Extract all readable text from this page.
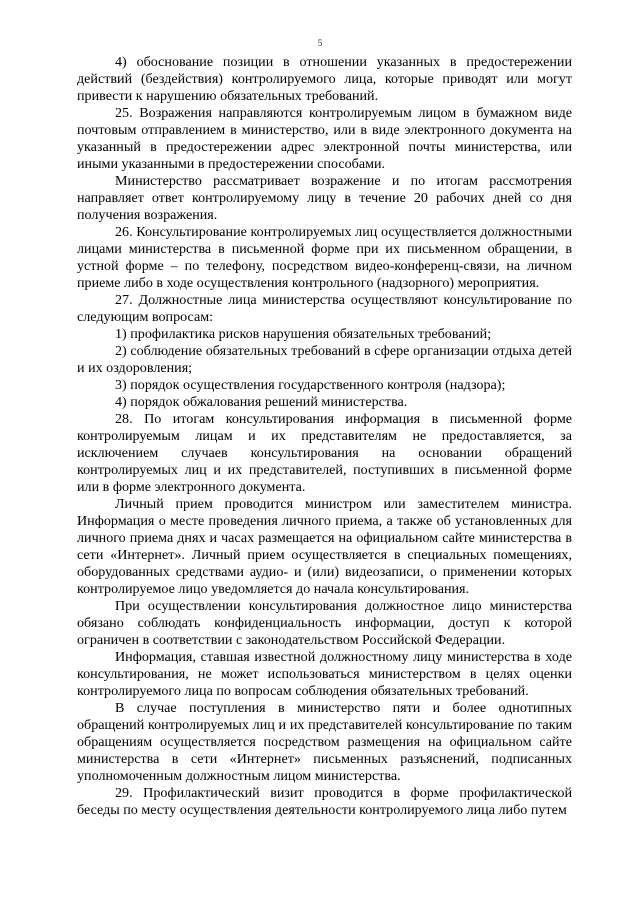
5

4) обоснование позиции в отношении указанных в предостережении действий (бездействия) контролируемого лица, которые приводят или могут привести к нарушению обязательных требований.

25. Возражения направляются контролируемым лицом в бумажном виде почтовым отправлением в министерство, или в виде электронного документа на указанный в предостережении адрес электронной почты министерства, или иными указанными в предостережении способами.

Министерство рассматривает возражение и по итогам рассмотрения направляет ответ контролируемому лицу в течение 20 рабочих дней со дня получения возражения.

26. Консультирование контролируемых лиц осуществляется должностными лицами министерства в письменной форме при их письменном обращении, в устной форме – по телефону, посредством видео-конференц-связи, на личном приеме либо в ходе осуществления контрольного (надзорного) мероприятия.

27. Должностные лица министерства осуществляют консультирование по следующим вопросам:

1) профилактика рисков нарушения обязательных требований;

2) соблюдение обязательных требований в сфере организации отдыха детей и их оздоровления;

3) порядок осуществления государственного контроля (надзора);

4) порядок обжалования решений министерства.

28. По итогам консультирования информация в письменной форме контролируемым лицам и их представителям не предоставляется, за исключением случаев консультирования на основании обращений контролируемых лиц и их представителей, поступивших в письменной форме или в форме электронного документа.

Личный прием проводится министром или заместителем министра. Информация о месте проведения личного приема, а также об установленных для личного приема днях и часах размещается на официальном сайте министерства в сети «Интернет». Личный прием осуществляется в специальных помещениях, оборудованных средствами аудио- и (или) видеозаписи, о применении которых контролируемое лицо уведомляется до начала консультирования.

При осуществлении консультирования должностное лицо министерства обязано соблюдать конфиденциальность информации, доступ к которой ограничен в соответствии с законодательством Российской Федерации.

Информация, ставшая известной должностному лицу министерства в ходе консультирования, не может использоваться министерством в целях оценки контролируемого лица по вопросам соблюдения обязательных требований.

В случае поступления в министерство пяти и более однотипных обращений контролируемых лиц и их представителей консультирование по таким обращениям осуществляется посредством размещения на официальном сайте министерства в сети «Интернет» письменных разъяснений, подписанных уполномоченным должностным лицом министерства.

29. Профилактический визит проводится в форме профилактической беседы по месту осуществления деятельности контролируемого лица либо путем
